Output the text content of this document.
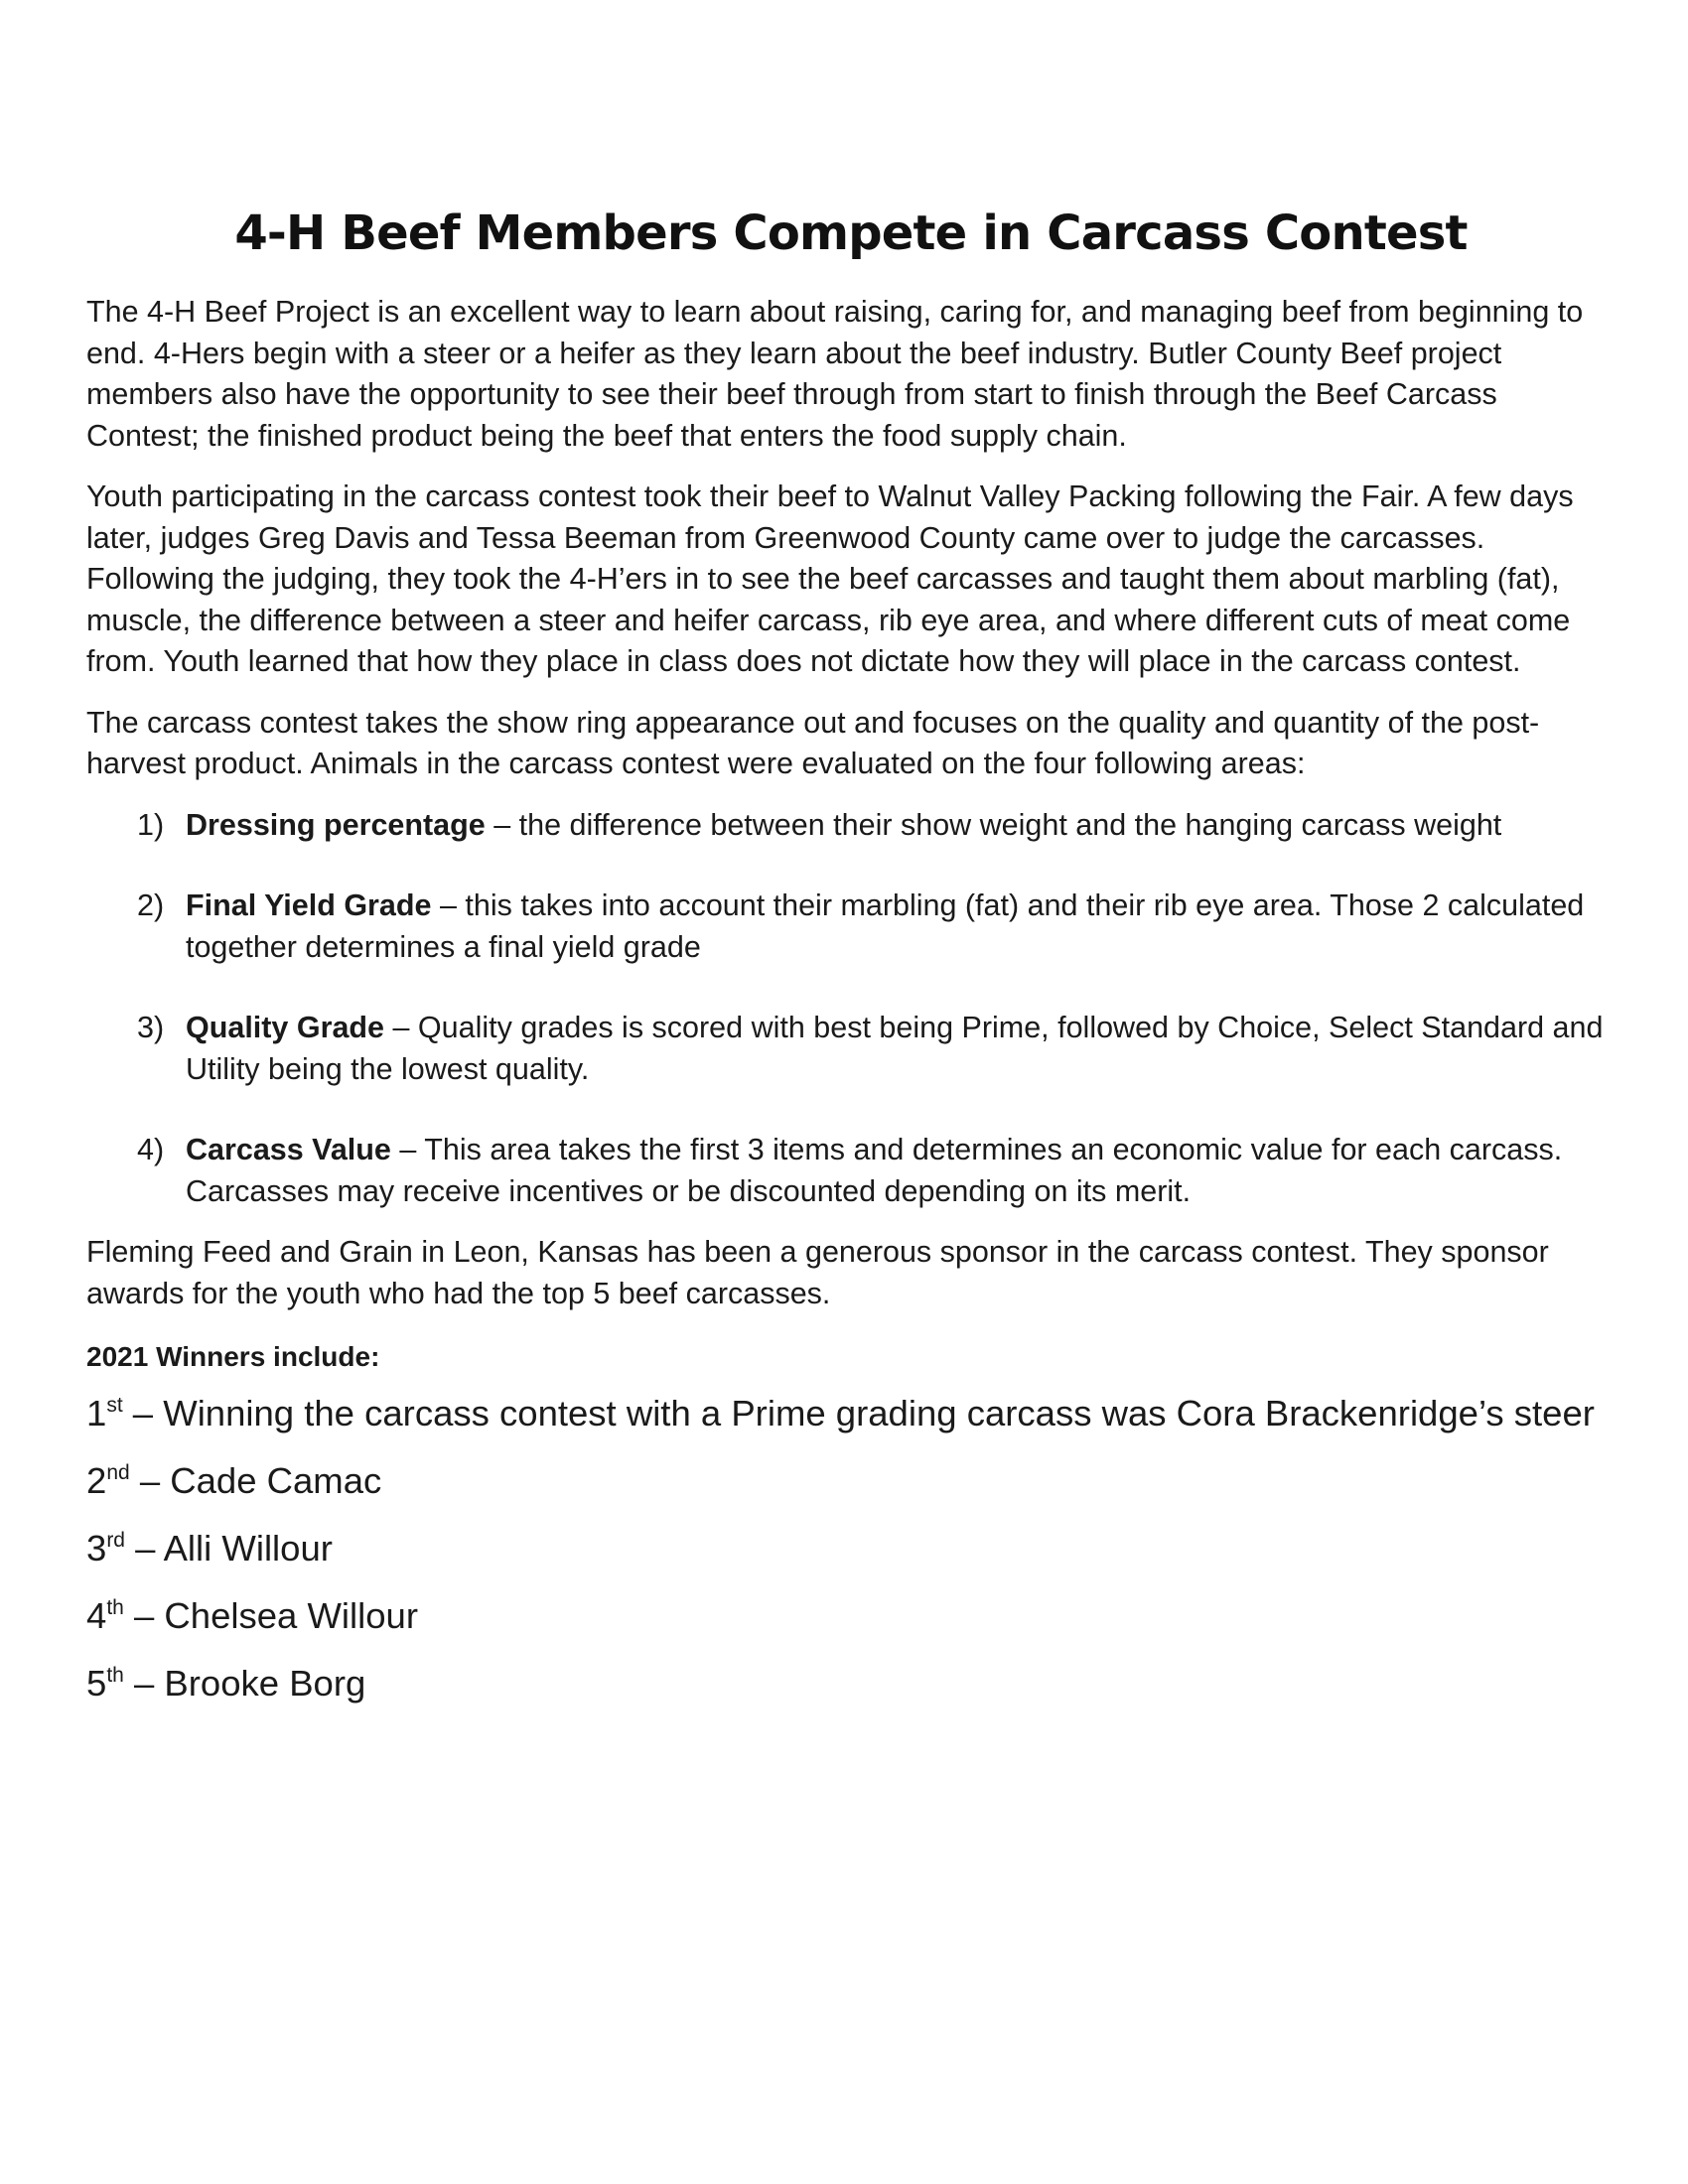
4-H Beef Members Compete in Carcass Contest

The 4-H Beef Project is an excellent way to learn about raising, caring for, and managing beef from beginning to end. 4-Hers begin with a steer or a heifer as they learn about the beef industry. Butler County Beef project members also have the opportunity to see their beef through from start to finish through the Beef Carcass Contest; the finished product being the beef that enters the food supply chain.

Youth participating in the carcass contest took their beef to Walnut Valley Packing following the Fair. A few days later, judges Greg Davis and Tessa Beeman from Greenwood County came over to judge the carcasses. Following the judging, they took the 4-H’ers in to see the beef carcasses and taught them about marbling (fat), muscle, the difference between a steer and heifer carcass, rib eye area, and where different cuts of meat come from. Youth learned that how they place in class does not dictate how they will place in the carcass contest.

The carcass contest takes the show ring appearance out and focuses on the quality and quantity of the post-harvest product. Animals in the carcass contest were evaluated on the four following areas:

1) Dressing percentage – the difference between their show weight and the hanging carcass weight
2) Final Yield Grade – this takes into account their marbling (fat) and their rib eye area. Those 2 calculated together determines a final yield grade
3) Quality Grade – Quality grades is scored with best being Prime, followed by Choice, Select Standard and Utility being the lowest quality.
4) Carcass Value – This area takes the first 3 items and determines an economic value for each carcass. Carcasses may receive incentives or be discounted depending on its merit.

Fleming Feed and Grain in Leon, Kansas has been a generous sponsor in the carcass contest. They sponsor awards for the youth who had the top 5 beef carcasses.

2021 Winners include:
1st – Winning the carcass contest with a Prime grading carcass was Cora Brackenridge’s steer
2nd – Cade Camac
3rd – Alli Willour
4th – Chelsea Willour
5th – Brooke Borg
